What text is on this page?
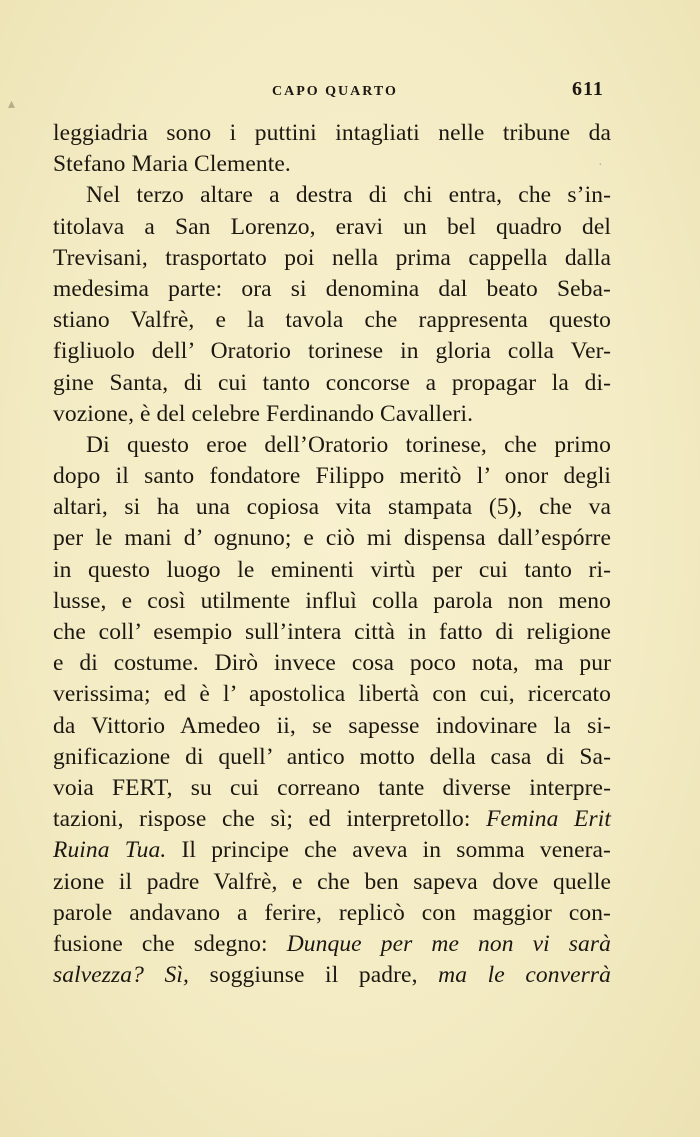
▴
·
CAPO QUARTO	611
leggiadria sono i puttini intagliati nelle tribune da
Stefano Maria Clemente.
Nel terzo altare a destra di chi entra, che s’in-
titolava a San Lorenzo, eravi un bel quadro del
Trevisani, trasportato poi nella prima cappella dalla
medesima parte: ora si denomina dal beato Seba-
stiano Valfrè, e la tavola che rappresenta questo
figliuolo dell’ Oratorio torinese in gloria colla Ver-
gine Santa, di cui tanto concorse a propagar la di-
vozione, è del celebre Ferdinando Cavalleri.
Di questo eroe dell’Oratorio torinese, che primo
dopo il santo fondatore Filippo meritò l’ onor degli
altari, si ha una copiosa vita stampata (5), che va
per le mani d’ ognuno; e ciò mi dispensa dall’espórre
in questo luogo le eminenti virtù per cui tanto ri-
lusse, e così utilmente influì colla parola non meno
che coll’ esempio sull’intera città in fatto di religione
e di costume. Dirò invece cosa poco nota, ma pur
verissima; ed è l’ apostolica libertà con cui, ricercato
da Vittorio Amedeo ii, se sapesse indovinare la si-
gnificazione di quell’ antico motto della casa di Sa-
voia FERT, su cui correano tante diverse interpre-
tazioni, rispose che sì; ed interpretollo: Femina Erit
Ruina Tua. Il principe che aveva in somma venera-
zione il padre Valfrè, e che ben sapeva dove quelle
parole andavano a ferire, replicò con maggior con-
fusione che sdegno: Dunque per me non vi sarà
salvezza? Sì, soggiunse il padre, ma le converrà
